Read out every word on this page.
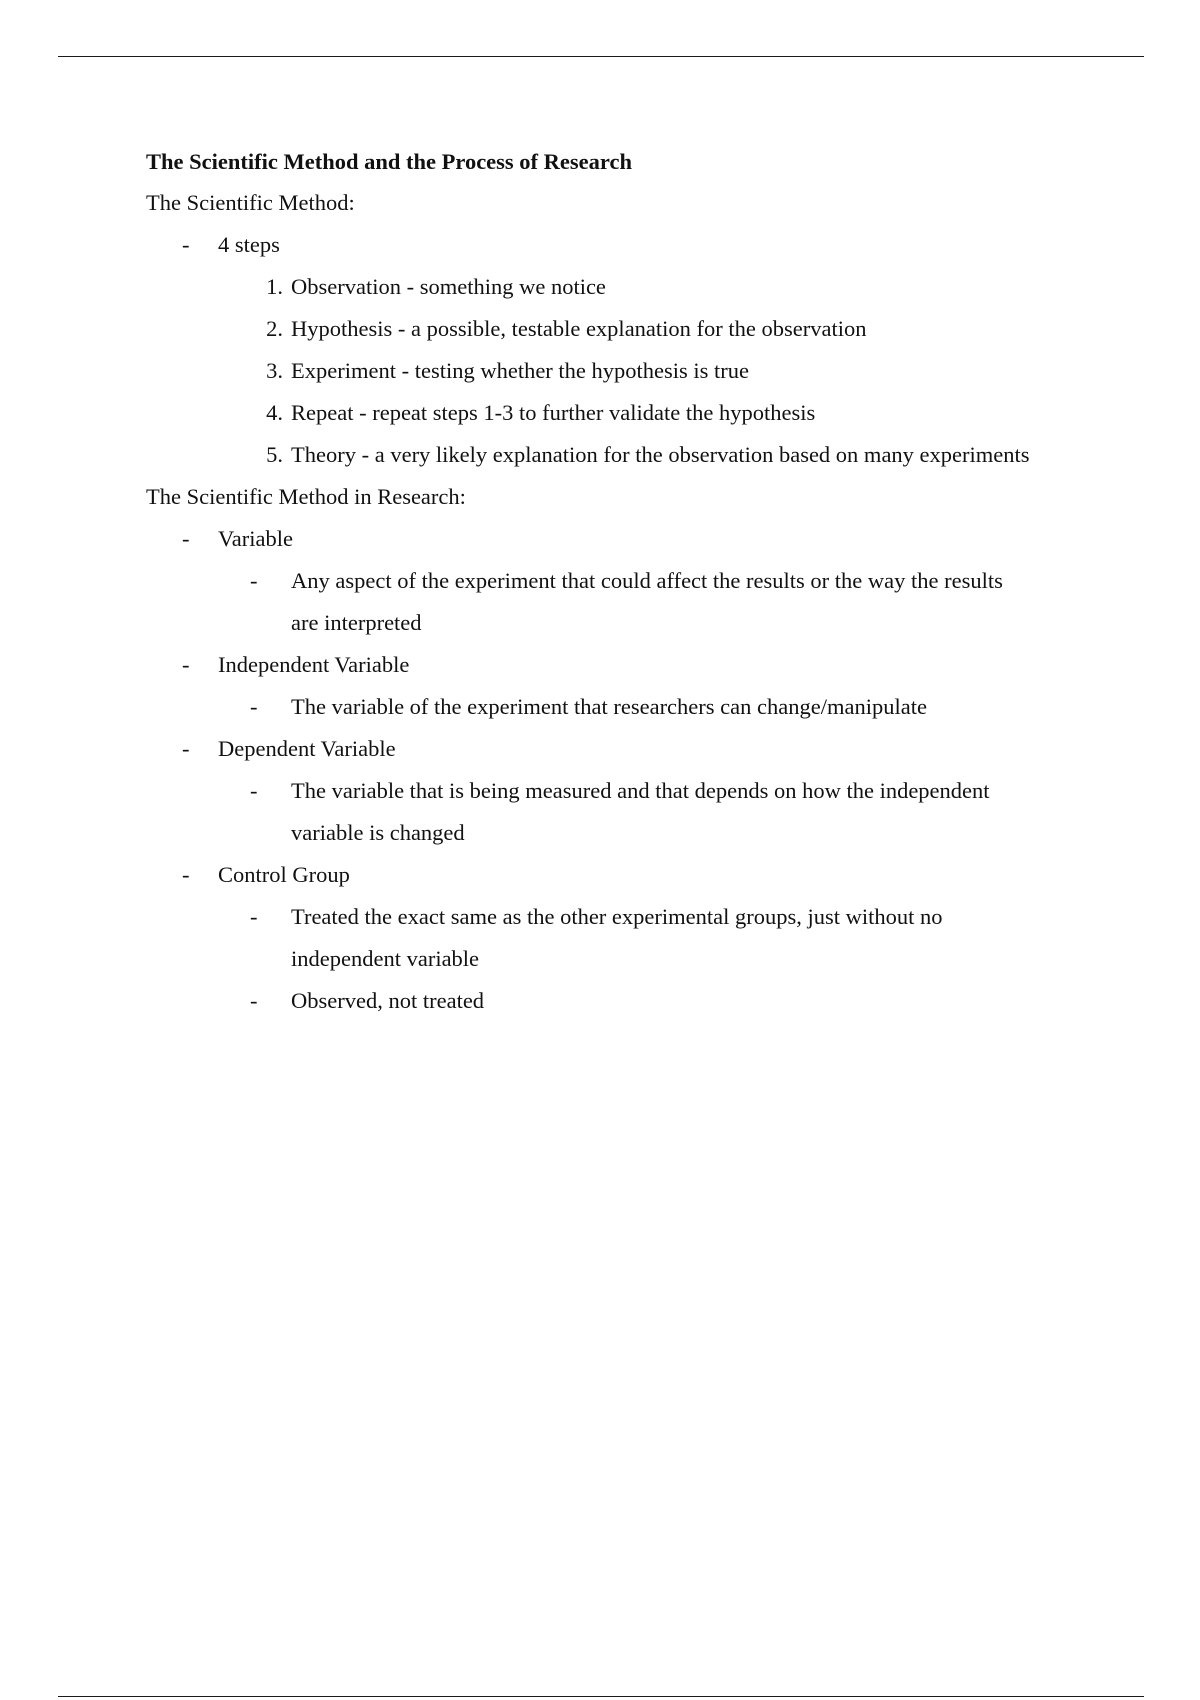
The Scientific Method and the Process of Research
The Scientific Method:
-	4 steps
1. Observation - something we notice
2. Hypothesis - a possible, testable explanation for the observation
3. Experiment - testing whether the hypothesis is true
4. Repeat - repeat steps 1-3 to further validate the hypothesis
5. Theory - a very likely explanation for the observation based on many experiments
The Scientific Method in Research:
-	Variable
-	Any aspect of the experiment that could affect the results or the way the results
are interpreted
-	Independent Variable
-	The variable of the experiment that researchers can change/manipulate
-	Dependent Variable
-	The variable that is being measured and that depends on how the independent
variable is changed
-	Control Group
-	Treated the exact same as the other experimental groups, just without no
independent variable
-	Observed, not treated
